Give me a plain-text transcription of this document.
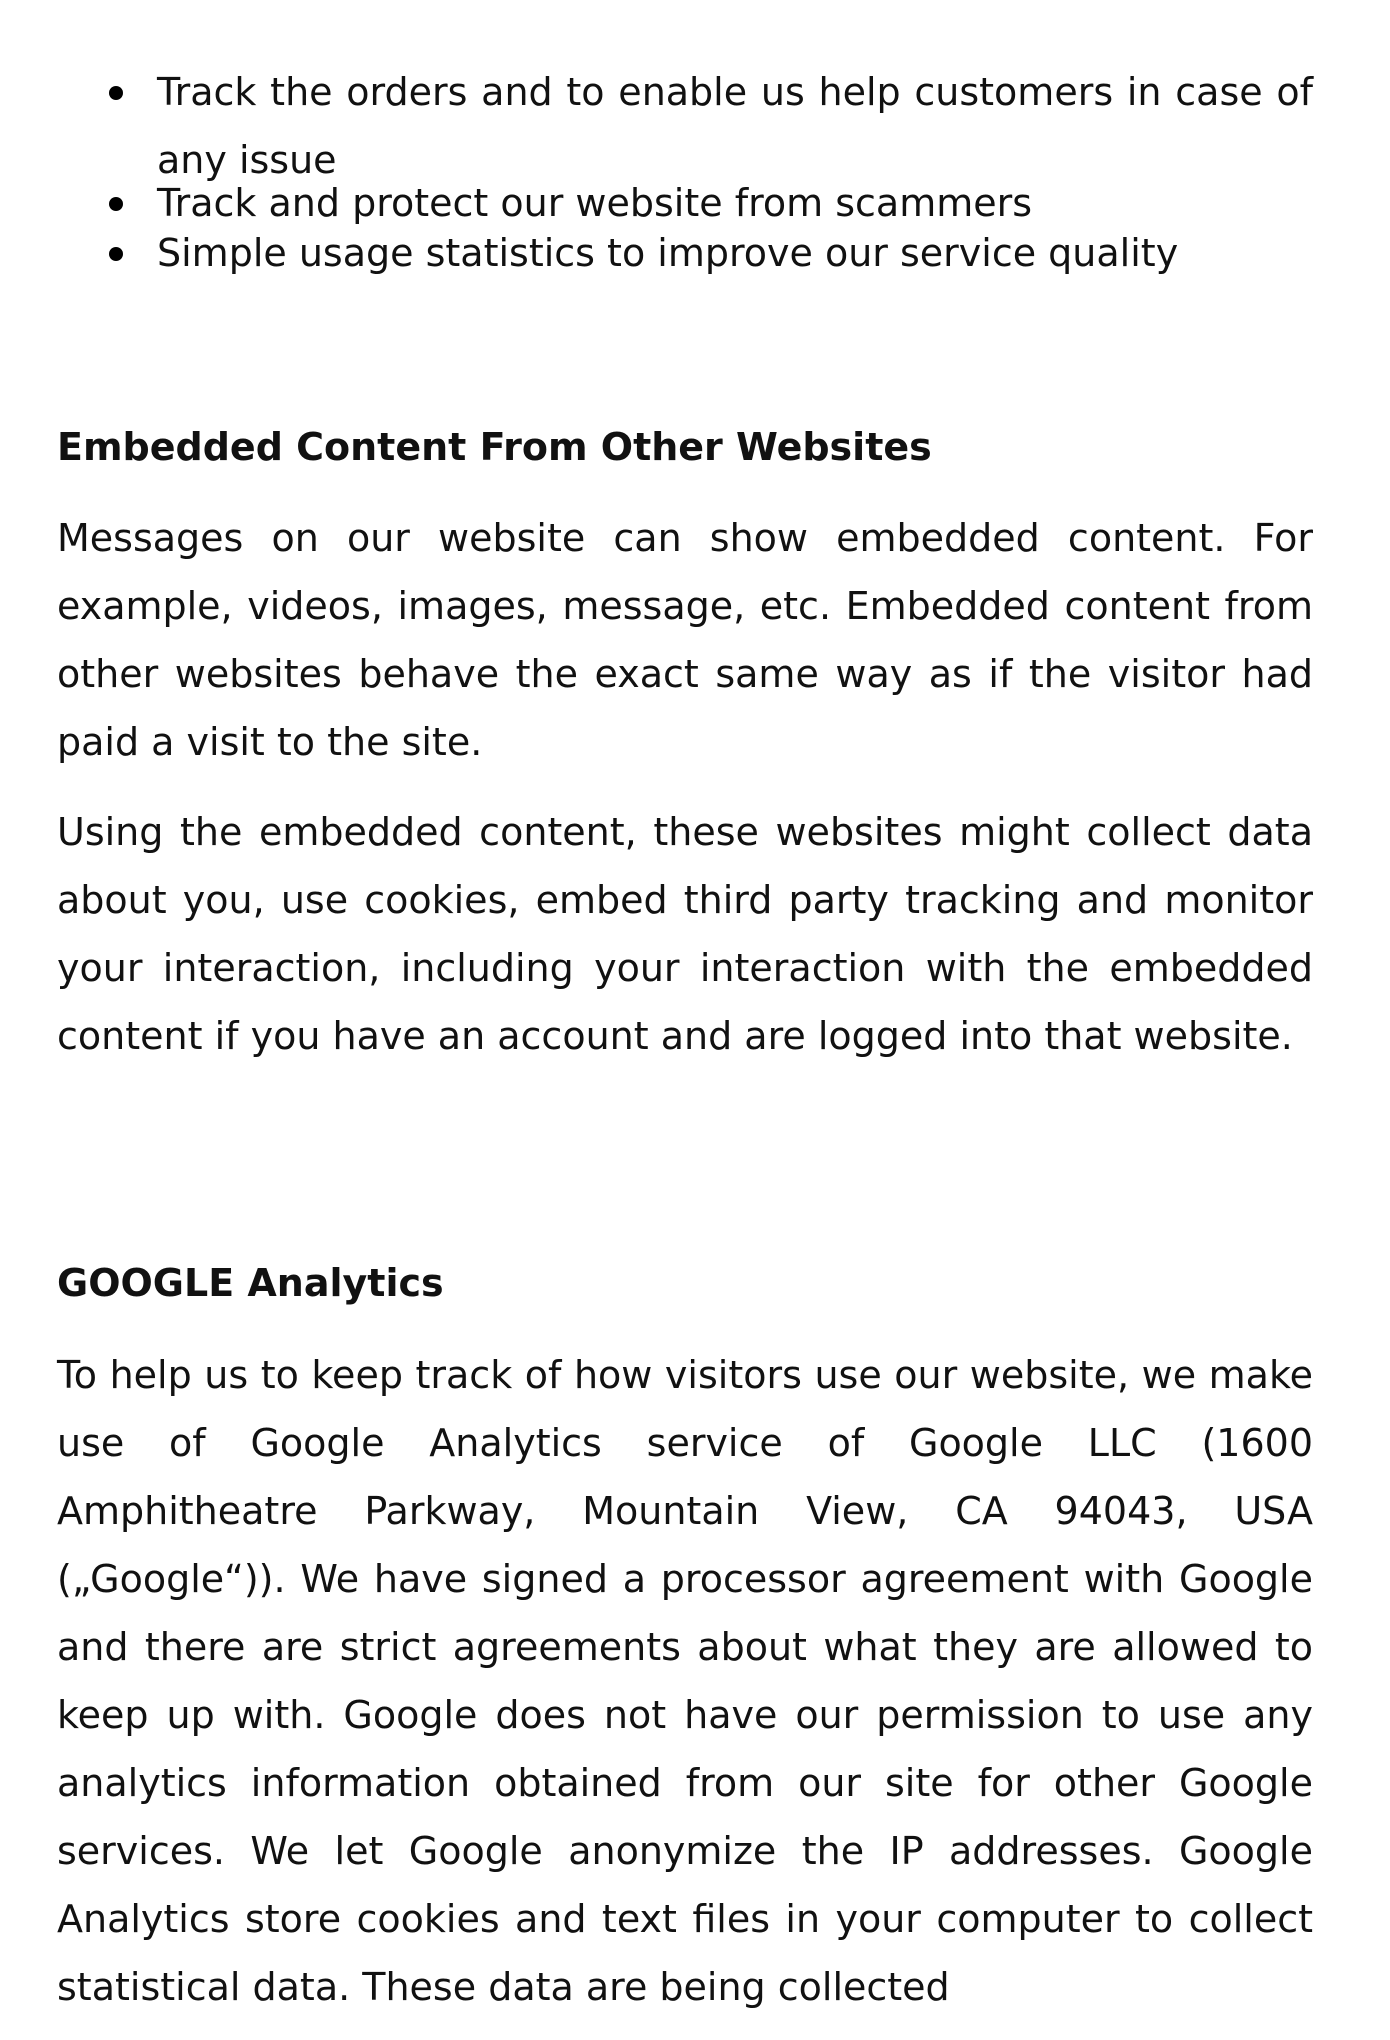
Track the orders and to enable us help customers in case of any issue
Track and protect our website from scammers
Simple usage statistics to improve our service quality
Embedded Content From Other Websites

Messages on our website can show embedded content. For example, videos, images, message, etc. Embedded content from other websites behave the exact same way as if the visitor had paid a visit to the site.

Using the embedded content, these websites might collect data about you, use cookies, embed third party tracking and monitor your interaction, including your interaction with the embedded content if you have an account and are logged into that website.

GOOGLE Analytics

To help us to keep track of how visitors use our website, we make use of Google Analytics service of Google LLC (1600 Amphitheatre Parkway, Mountain View, CA 94043, USA („Google“)). We have signed a processor agreement with Google and there are strict agreements about what they are allowed to keep up with. Google does not have our permission to use any analytics information obtained from our site for other Google services. We let Google anonymize the IP addresses. Google Analytics store cookies and text files in your computer to collect statistical data. These data are being collected
